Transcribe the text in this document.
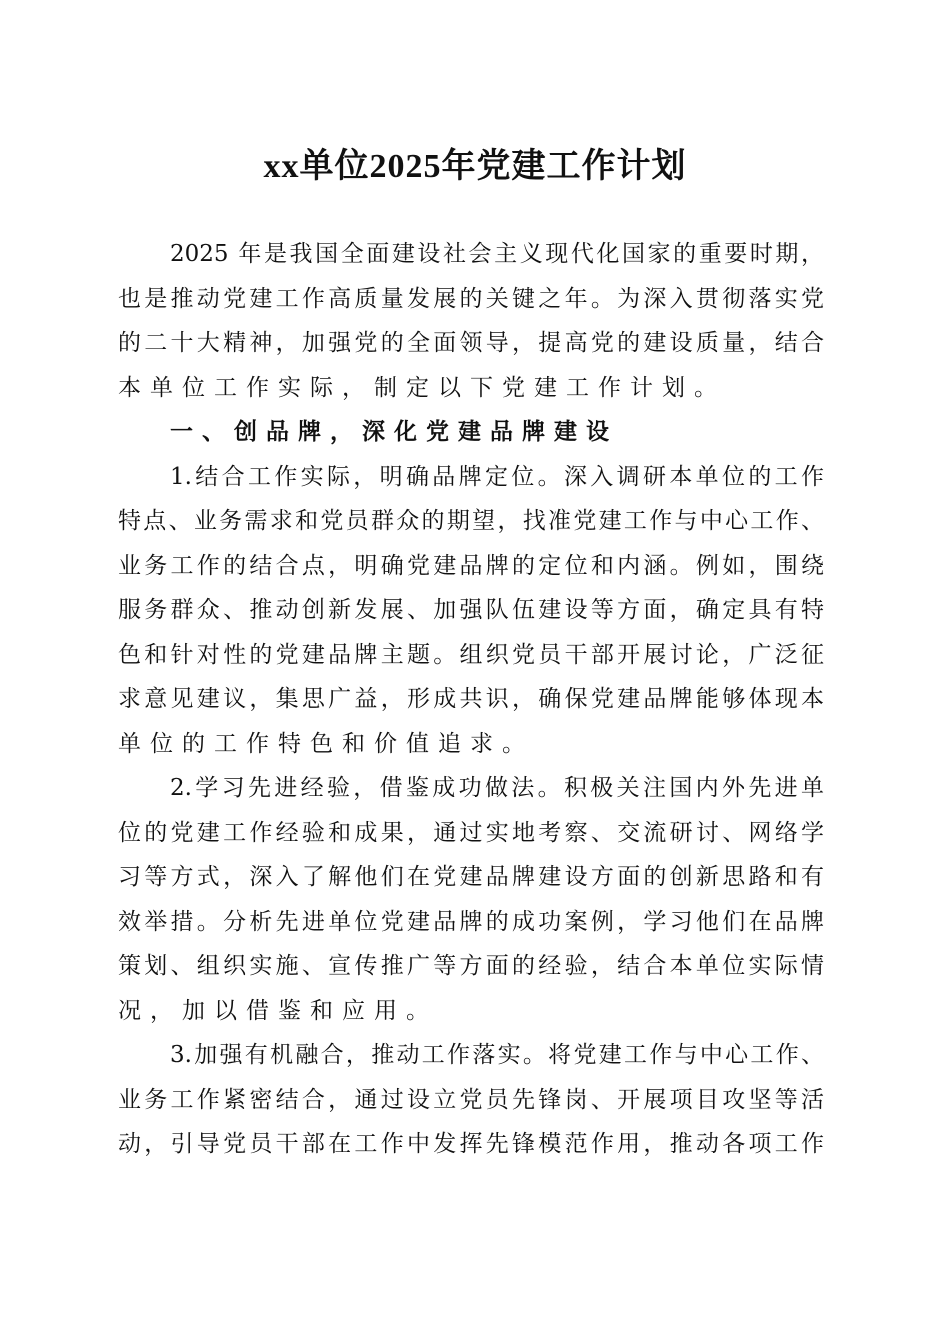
xx单位2025年党建工作计划
2025 年是我国全面建设社会主义现代化国家的重要时期，
也是推动党建工作高质量发展的关键之年。为深入贯彻落实党
的二十大精神，加强党的全面领导，提高党的建设质量，结合
本单位工作实际，制定以下党建工作计划。
一、创品牌，深化党建品牌建设
1.结合工作实际，明确品牌定位。深入调研本单位的工作
特点、业务需求和党员群众的期望，找准党建工作与中心工作、
业务工作的结合点，明确党建品牌的定位和内涵。例如，围绕
服务群众、推动创新发展、加强队伍建设等方面，确定具有特
色和针对性的党建品牌主题。组织党员干部开展讨论，广泛征
求意见建议，集思广益，形成共识，确保党建品牌能够体现本
单位的工作特色和价值追求。
2.学习先进经验，借鉴成功做法。积极关注国内外先进单
位的党建工作经验和成果，通过实地考察、交流研讨、网络学
习等方式，深入了解他们在党建品牌建设方面的创新思路和有
效举措。分析先进单位党建品牌的成功案例，学习他们在品牌
策划、组织实施、宣传推广等方面的经验，结合本单位实际情
况，加以借鉴和应用。
3.加强有机融合，推动工作落实。将党建工作与中心工作、
业务工作紧密结合，通过设立党员先锋岗、开展项目攻坚等活
动，引导党员干部在工作中发挥先锋模范作用，推动各项工作
